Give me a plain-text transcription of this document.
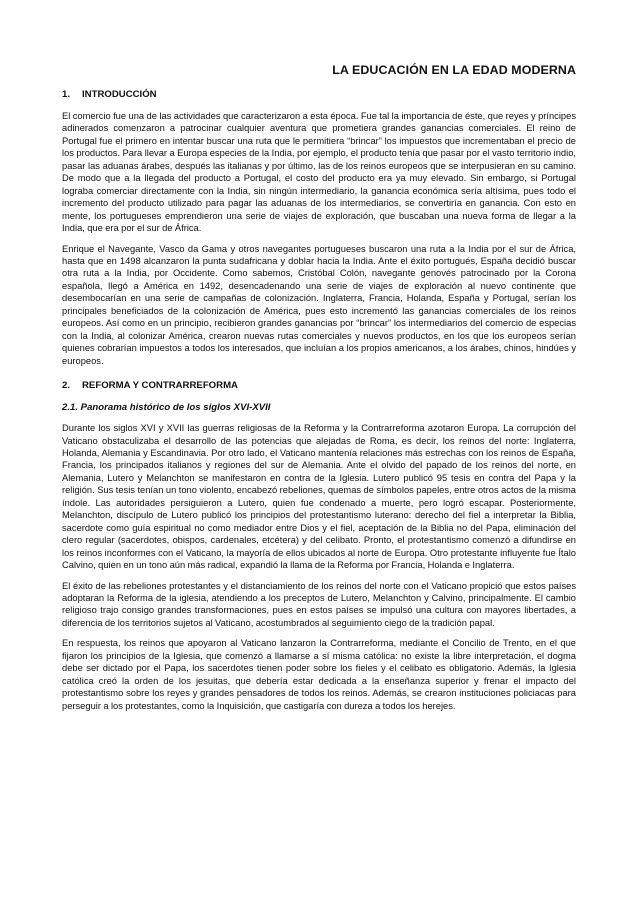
LA EDUCACIÓN EN LA EDAD MODERNA
1.	INTRODUCCIÓN

El comercio fue una de las actividades que caracterizaron a esta época. Fue tal la importancia de éste, que reyes y príncipes adinerados comenzaron a patrocinar cualquier aventura que prometiera grandes ganancias comerciales. El reino de Portugal fue el primero en intentar buscar una ruta que le permitiera “brincar” los impuestos que incrementaban el precio de los productos. Para llevar a Europa especies de la India, por ejemplo, el producto tenía que pasar por el vasto territorio indio, pasar las aduanas árabes, después las italianas y por último, las de los reinos europeos que se interpusieran en su camino. De modo que a la llegada del producto a Portugal, el costo del producto era ya muy elevado. Sin embargo, si Portugal lograba comerciar directamente con la India, sin ningún intermediario, la ganancia económica sería altísima, pues todo el incremento del producto utilizado para pagar las aduanas de los intermediarios, se convertiría en ganancia. Con esto en mente, los portugueses emprendieron una serie de viajes de exploración, que buscaban una nueva forma de llegar a la India, que era por el sur de África.

Enrique el Navegante, Vasco da Gama y otros navegantes portugueses buscaron una ruta a la India por el sur de África, hasta que en 1498 alcanzaron la punta sudafricana y doblar hacia la India. Ante el éxito portugués, España decidió buscar otra ruta a la India, por Occidente. Como sabemos, Cristóbal Colón, navegante genovés patrocinado por la Corona española, llegó a América en 1492, desencadenando una serie de viajes de exploración al nuevo continente que desembocarían en una serie de campañas de colonización. Inglaterra, Francia, Holanda, España y Portugal, serían los principales beneficiados de la colonización de América, pues esto incrementó las ganancias comerciales de los reinos europeos. Así como en un principio, recibieron grandes ganancias por “brincar” los intermediarios del comercio de especias con la India, al colonizar América, crearon nuevas rutas comerciales y nuevos productos, en los que los europeos serían quienes cobrarían impuestos a todos los interesados, que incluían a los propios americanos, a los árabes, chinos, hindúes y europeos.

2.	REFORMA Y CONTRARREFORMA
2.1. Panorama histórico de los siglos XVI-XVII

Durante los siglos XVI y XVII las guerras religiosas de la Reforma y la Contrarreforma azotaron Europa. La corrupción del Vaticano obstaculizaba el desarrollo de las potencias que alejadas de Roma, es decir, los reinos del norte: Inglaterra, Holanda, Alemania y Escandinavia. Por otro lado, el Vaticano mantenía relaciones más estrechas con los reinos de España, Francia, los principados italianos y regiones del sur de Alemania. Ante el olvido del papado de los reinos del norte, en Alemania, Lutero y Melanchton se manifestaron en contra de la Iglesia. Lutero publicó 95 tesis en contra del Papa y la religión. Sus tesis tenían un tono violento, encabezó rebeliones, quemas de símbolos papeles, entre otros actos de la misma índole. Las autoridades persiguieron a Lutero, quien fue condenado a muerte, pero logró escapar. Posteriormente, Melanchton, discípulo de Lutero publicó los principios del protestantismo luterano: derecho del fiel a interpretar la Biblia, sacerdote como guía espiritual no como mediador entre Dios y el fiel, aceptación de la Biblia no del Papa, eliminación del clero regular (sacerdotes, obispos, cardenales, etcétera) y del celibato. Pronto, el protestantismo comenzó a difundirse en los reinos inconformes con el Vaticano, la mayoría de ellos ubicados al norte de Europa. Otro protestante influyente fue Ítalo Calvino, quien en un tono aún más radical, expandió la llama de la Reforma por Francia, Holanda e Inglaterra.

El éxito de las rebeliones protestantes y el distanciamiento de los reinos del norte con el Vaticano propició que estos países adoptaran la Reforma de la iglesia, atendiendo a los preceptos de Lutero, Melanchton y Calvino, principalmente. El cambio religioso trajo consigo grandes transformaciones, pues en estos países se impulsó una cultura con mayores libertades, a diferencia de los territorios sujetos al Vaticano, acostumbrados al seguimiento ciego de la tradición papal.

En respuesta, los reinos que apoyaron al Vaticano lanzaron la Contrarreforma, mediante el Concilio de Trento, en el que fijaron los principios de la Iglesia, que comenzó a llamarse a sí misma católica: no existe la libre interpretación, el dogma debe ser dictado por el Papa, los sacerdotes tienen poder sobre los fieles y el celibato es obligatorio. Además, la Iglesia católica creó la orden de los jesuitas, que debería estar dedicada a la enseñanza superior y frenar el impacto del protestantismo sobre los reyes y grandes pensadores de todos los reinos. Además, se crearon instituciones policiacas para perseguir a los protestantes, como la Inquisición, que castigaría con dureza a todos los herejes.
